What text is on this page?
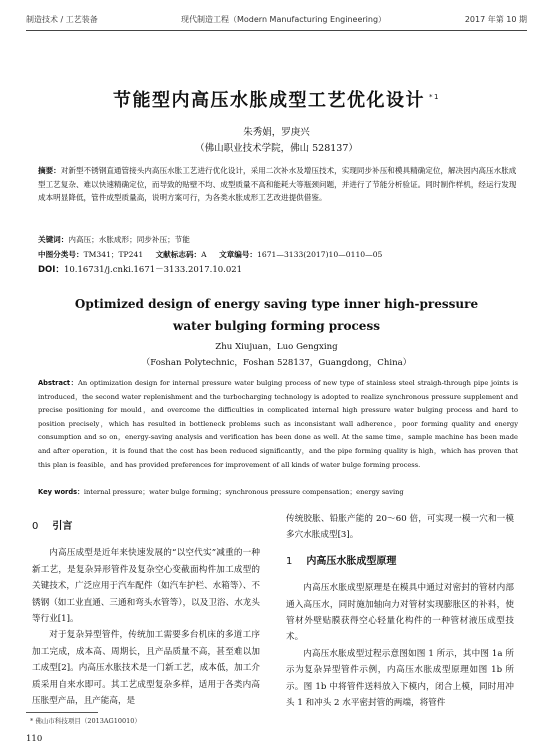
制造技术 / 工艺装备	现代制造工程（Modern Manufacturing Engineering）	2017 年第 10 期
节能型内高压水胀成型工艺优化设计 $^{*1}$
朱秀娟，罗庚兴
（佛山职业技术学院，佛山 528137）
摘要：对新型不锈钢直通管接头内高压水胀工艺进行优化设计，采用二次补水及增压技术，实现同步补压和模具精确定位，解决因内高压水胀成型工艺复杂、难以快速精确定位，而导致的贴壁不均、成型质量不高和能耗大等瓶颈问题，并进行了节能分析验证。同时制作样机，经运行发现成本明显降低，管件成型质量高，说明方案可行，为各类水胀成形工艺改进提供借鉴。
关键词：内高压；水胀成形；同步补压；节能
中图分类号：TM341；TP241 文献标志码：A 文章编号：1671—3133(2017)10—0110—05
DOI：10.16731/j.cnki.1671－3133.2017.10.021
Optimized design of energy saving type inner high-pressure
water bulging forming process
Zhu Xiujuan，Luo Gengxing
（Foshan Polytechnic，Foshan 528137，Guangdong，China）
Abstract：An optimization design for internal pressure water bulging process of new type of stainless steel straigh-through pipe joints is introduced，the second water replenishment and the turbocharging technology is adopted to realize synchronous pressure supplement and precise positioning for mould，and overcome the difficulties in complicated internal high pressure water bulging process and hard to position precisely，which has resulted in bottleneck problems such as inconsistant wall adherence，poor forming quality and energy consumption and so on，energy-saving analysis and verification has been done as well. At the same time，sample machine has been made and after operation，it is found that the cost has been reduced significantly，and the pipe forming quality is high，which has proven that this plan is feasible，and has provided preferences for improvement of all kinds of water bulge forming process.
Key words：internal pressure；water bulge forming；synchronous pressure compensation；energy saving
0 引言

内高压成型是近年来快速发展的“以空代实”减重的一种新工艺，是复杂异形管件及复杂空心变截面构件加工成型的关键技术，广泛应用于汽车配件（如汽车护栏、水箱等）、不锈钢（如工业直通、三通和弯头水管等），以及卫浴、水龙头等行业[1]。

对于复杂异型管件，传统加工需要多台机床的多道工序加工完成，成本高、周期长，且产品质量不高，甚至难以加工成型[2]。内高压水胀技术是一门新工艺，成本低，加工介质采用自来水即可。其工艺成型复杂多样，适用于各类内高压胀型产品，且产能高，是

传统胶胀、铅胀产能的 20～60 倍，可实现一模一穴和一模多穴水胀成型[3]。

1 内高压水胀成型原理

内高压水胀成型原理是在模具中通过对密封的管材内部通入高压水，同时施加轴向力对管材实现膨胀区的补料，使管材外壁贴膜获得空心轻量化构件的一种管材液压成型技术。

内高压水胀成型过程示意图如图 1 所示，其中图 1a 所示为复杂异型管件示例，内高压水胀成型原理如图 1b 所示。图 1b 中将管件送料放入下模内，闭合上模，同时用冲头 1 和冲头 2 水平密封管的两端，将管件

* 佛山市科技项目（2013AG10010）
110
